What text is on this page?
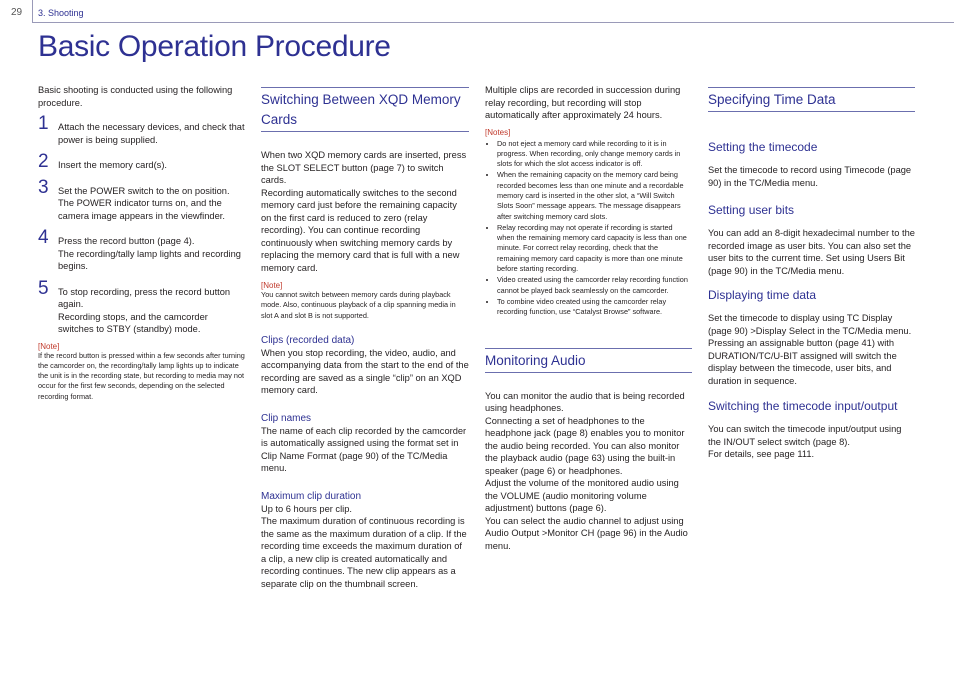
29 3. Shooting
Basic Operation Procedure

Basic shooting is conducted using the following procedure.

1	Attach the necessary devices, and check that power is being supplied.
2	Insert the memory card(s).
3	Set the POWER switch to the on position.
The POWER indicator turns on, and the camera image appears in the viewfinder.
4	Press the record button (page 4).
The recording/tally lamp lights and recording begins.
5	To stop recording, press the record button again.
Recording stops, and the camcorder switches to STBY (standby) mode.

[Note]

If the record button is pressed within a few seconds after turning the camcorder on, the recording/tally lamp lights up to indicate the unit is in the recording state, but recording to media may not occur for the first few seconds, depending on the selected recording format.

Switching Between XQD Memory Cards

When two XQD memory cards are inserted, press the SLOT SELECT button (page 7) to switch cards.
Recording automatically switches to the second memory card just before the remaining capacity on the first card is reduced to zero (relay recording). You can continue recording continuously when switching memory cards by replacing the memory card that is full with a new memory card.

[Note]

You cannot switch between memory cards during playback mode. Also, continuous playback of a clip spanning media in slot A and slot B is not supported.

Clips (recorded data)

When you stop recording, the video, audio, and accompanying data from the start to the end of the recording are saved as a single “clip” on an XQD memory card.

Clip names

The name of each clip recorded by the camcorder is automatically assigned using the format set in Clip Name Format (page 90) of the TC/Media menu.

Maximum clip duration

Up to 6 hours per clip.
The maximum duration of continuous recording is the same as the maximum duration of a clip. If the recording time exceeds the maximum duration of a clip, a new clip is created automatically and recording continues. The new clip appears as a separate clip on the thumbnail screen.

Multiple clips are recorded in succession during relay recording, but recording will stop automatically after approximately 24 hours.

[Notes]

• Do not eject a memory card while recording to it is in progress. When recording, only change memory cards in slots for which the slot access indicator is off.
• When the remaining capacity on the memory card being recorded becomes less than one minute and a recordable memory card is inserted in the other slot, a “Will Switch Slots Soon” message appears. The message disappears after switching memory card slots.
• Relay recording may not operate if recording is started when the remaining memory card capacity is less than one minute. For correct relay recording, check that the remaining memory card capacity is more than one minute before starting recording.
• Video created using the camcorder relay recording function cannot be played back seamlessly on the camcorder.
• To combine video created using the camcorder relay recording function, use “Catalyst Browse” software.
Monitoring Audio

You can monitor the audio that is being recorded using headphones.
Connecting a set of headphones to the headphone jack (page 8) enables you to monitor the audio being recorded. You can also monitor the playback audio (page 63) using the built-in speaker (page 6) or headphones.
Adjust the volume of the monitored audio using the VOLUME (audio monitoring volume adjustment) buttons (page 6).
You can select the audio channel to adjust using Audio Output >Monitor CH (page 96) in the Audio menu.

Specifying Time Data

Setting the timecode

Set the timecode to record using Timecode (page 90) in the TC/Media menu.

Setting user bits

You can add an 8-digit hexadecimal number to the recorded image as user bits. You can also set the user bits to the current time. Set using Users Bit (page 90) in the TC/Media menu.

Displaying time data

Set the timecode to display using TC Display (page 90) >Display Select in the TC/Media menu.
Pressing an assignable button (page 41) with DURATION/TC/U-BIT assigned will switch the display between the timecode, user bits, and duration in sequence.

Switching the timecode input/output

You can switch the timecode input/output using the IN/OUT select switch (page 8).
For details, see page 111.
